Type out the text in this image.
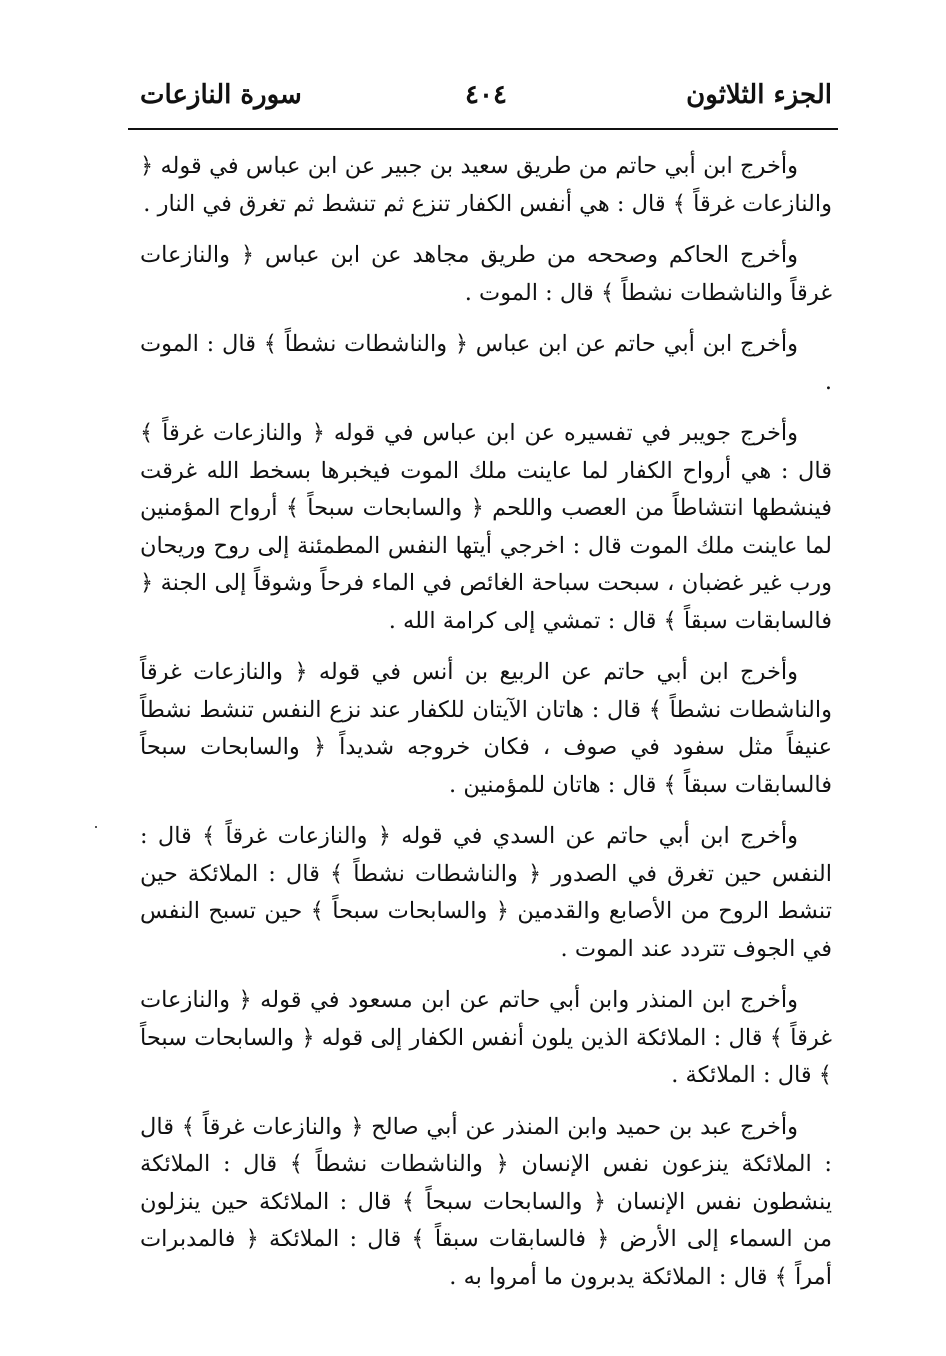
الجزء الثلاثون
٤٠٤
سورة النازعات

وأخرج ابن أبي حاتم من طريق سعيد بن جبير عن ابن عباس في قوله ﴿ والنازعات غرقاً ﴾ قال : هي أنفس الكفار تنزع ثم تنشط ثم تغرق في النار .

وأخرج الحاكم وصححه من طريق مجاهد عن ابن عباس ﴿ والنازعات غرقاً والناشطات نشطاً ﴾ قال : الموت .

وأخرج ابن أبي حاتم عن ابن عباس ﴿ والناشطات نشطاً ﴾ قال : الموت .

وأخرج جويبر في تفسيره عن ابن عباس في قوله ﴿ والنازعات غرقاً ﴾ قال : هي أرواح الكفار لما عاينت ملك الموت فيخبرها بسخط الله غرقت فينشطها انتشاطاً من العصب واللحم ﴿ والسابحات سبحاً ﴾ أرواح المؤمنين لما عاينت ملك الموت قال : اخرجي أيتها النفس المطمئنة إلى روح وريحان ورب غير غضبان ، سبحت سباحة الغائص في الماء فرحاً وشوقاً إلى الجنة ﴿ فالسابقات سبقاً ﴾ قال : تمشي إلى كرامة الله .

وأخرج ابن أبي حاتم عن الربيع بن أنس في قوله ﴿ والنازعات غرقاً والناشطات نشطاً ﴾ قال : هاتان الآيتان للكفار عند نزع النفس تنشط نشطاً عنيفاً مثل سفود في صوف ، فكان خروجه شديداً ﴿ والسابحات سبحاً فالسابقات سبقاً ﴾ قال : هاتان للمؤمنين .

وأخرج ابن أبي حاتم عن السدي في قوله ﴿ والنازعات غرقاً ﴾ قال : النفس حين تغرق في الصدور ﴿ والناشطات نشطاً ﴾ قال : الملائكة حين تنشط الروح من الأصابع والقدمين ﴿ والسابحات سبحاً ﴾ حين تسبح النفس في الجوف تتردد عند الموت .

وأخرج ابن المنذر وابن أبي حاتم عن ابن مسعود في قوله ﴿ والنازعات غرقاً ﴾ قال : الملائكة الذين يلون أنفس الكفار إلى قوله ﴿ والسابحات سبحاً ﴾ قال : الملائكة .

وأخرج عبد بن حميد وابن المنذر عن أبي صالح ﴿ والنازعات غرقاً ﴾ قال : الملائكة ينزعون نفس الإنسان ﴿ والناشطات نشطاً ﴾ قال : الملائكة ينشطون نفس الإنسان ﴿ والسابحات سبحاً ﴾ قال : الملائكة حين ينزلون من السماء إلى الأرض ﴿ فالسابقات سبقاً ﴾ قال : الملائكة ﴿ فالمدبرات أمراً ﴾ قال : الملائكة يدبرون ما أمروا به .
